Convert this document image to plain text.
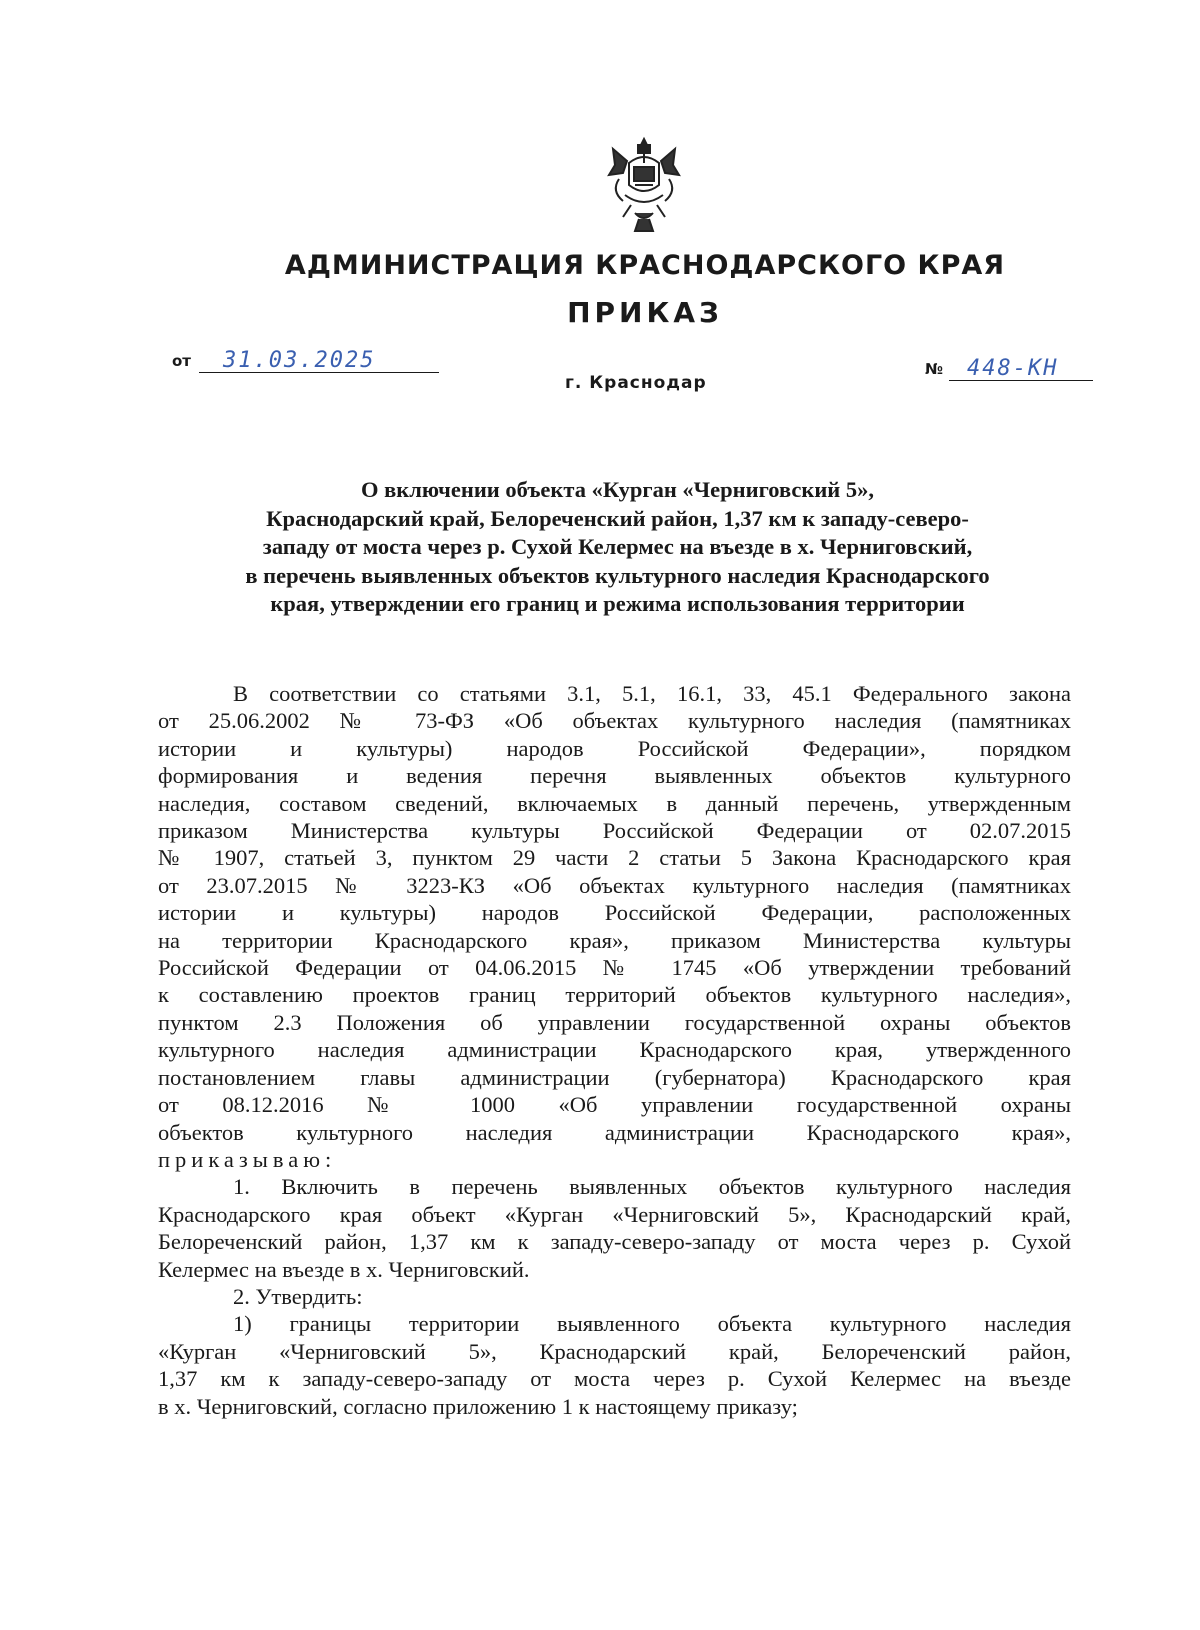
АДМИНИСТРАЦИЯ КРАСНОДАРСКОГО КРАЯ
ПРИКАЗ
от	31.03.2025	№	448-КН
г. Краснодар
О включении объекта «Курган «Черниговский 5»,
Краснодарский край, Белореченский район, 1,37 км к западу-северо-
западу от моста через р. Сухой Келермес на въезде в х. Черниговский,
в перечень выявленных объектов культурного наследия Краснодарского
края, утверждении его границ и режима использования территории
В соответствии со статьями 3.1, 5.1, 16.1, 33, 45.1 Федерального закона
от 25.06.2002 № 73-ФЗ «Об объектах культурного наследия (памятниках
истории и культуры) народов Российской Федерации», порядком
формирования и ведения перечня выявленных объектов культурного
наследия, составом сведений, включаемых в данный перечень, утвержденным
приказом Министерства культуры Российской Федерации от 02.07.2015
№ 1907, статьей 3, пунктом 29 части 2 статьи 5 Закона Краснодарского края
от 23.07.2015 № 3223-КЗ «Об объектах культурного наследия (памятниках
истории и культуры) народов Российской Федерации, расположенных
на территории Краснодарского края», приказом Министерства культуры
Российской Федерации от 04.06.2015 № 1745 «Об утверждении требований
к составлению проектов границ территорий объектов культурного наследия»,
пунктом 2.3 Положения об управлении государственной охраны объектов
культурного наследия администрации Краснодарского края, утвержденного
постановлением главы администрации (губернатора) Краснодарского края
от 08.12.2016 № 1000 «Об управлении государственной охраны
объектов культурного наследия администрации Краснодарского края»,
приказываю:
1. Включить в перечень выявленных объектов культурного наследия
Краснодарского края объект «Курган «Черниговский 5», Краснодарский край,
Белореченский район, 1,37 км к западу-северо-западу от моста через р. Сухой
Келермес на въезде в х. Черниговский.
2. Утвердить:
1) границы территории выявленного объекта культурного наследия
«Курган «Черниговский 5», Краснодарский край, Белореченский район,
1,37 км к западу-северо-западу от моста через р. Сухой Келермес на въезде
в х. Черниговский, согласно приложению 1 к настоящему приказу;
